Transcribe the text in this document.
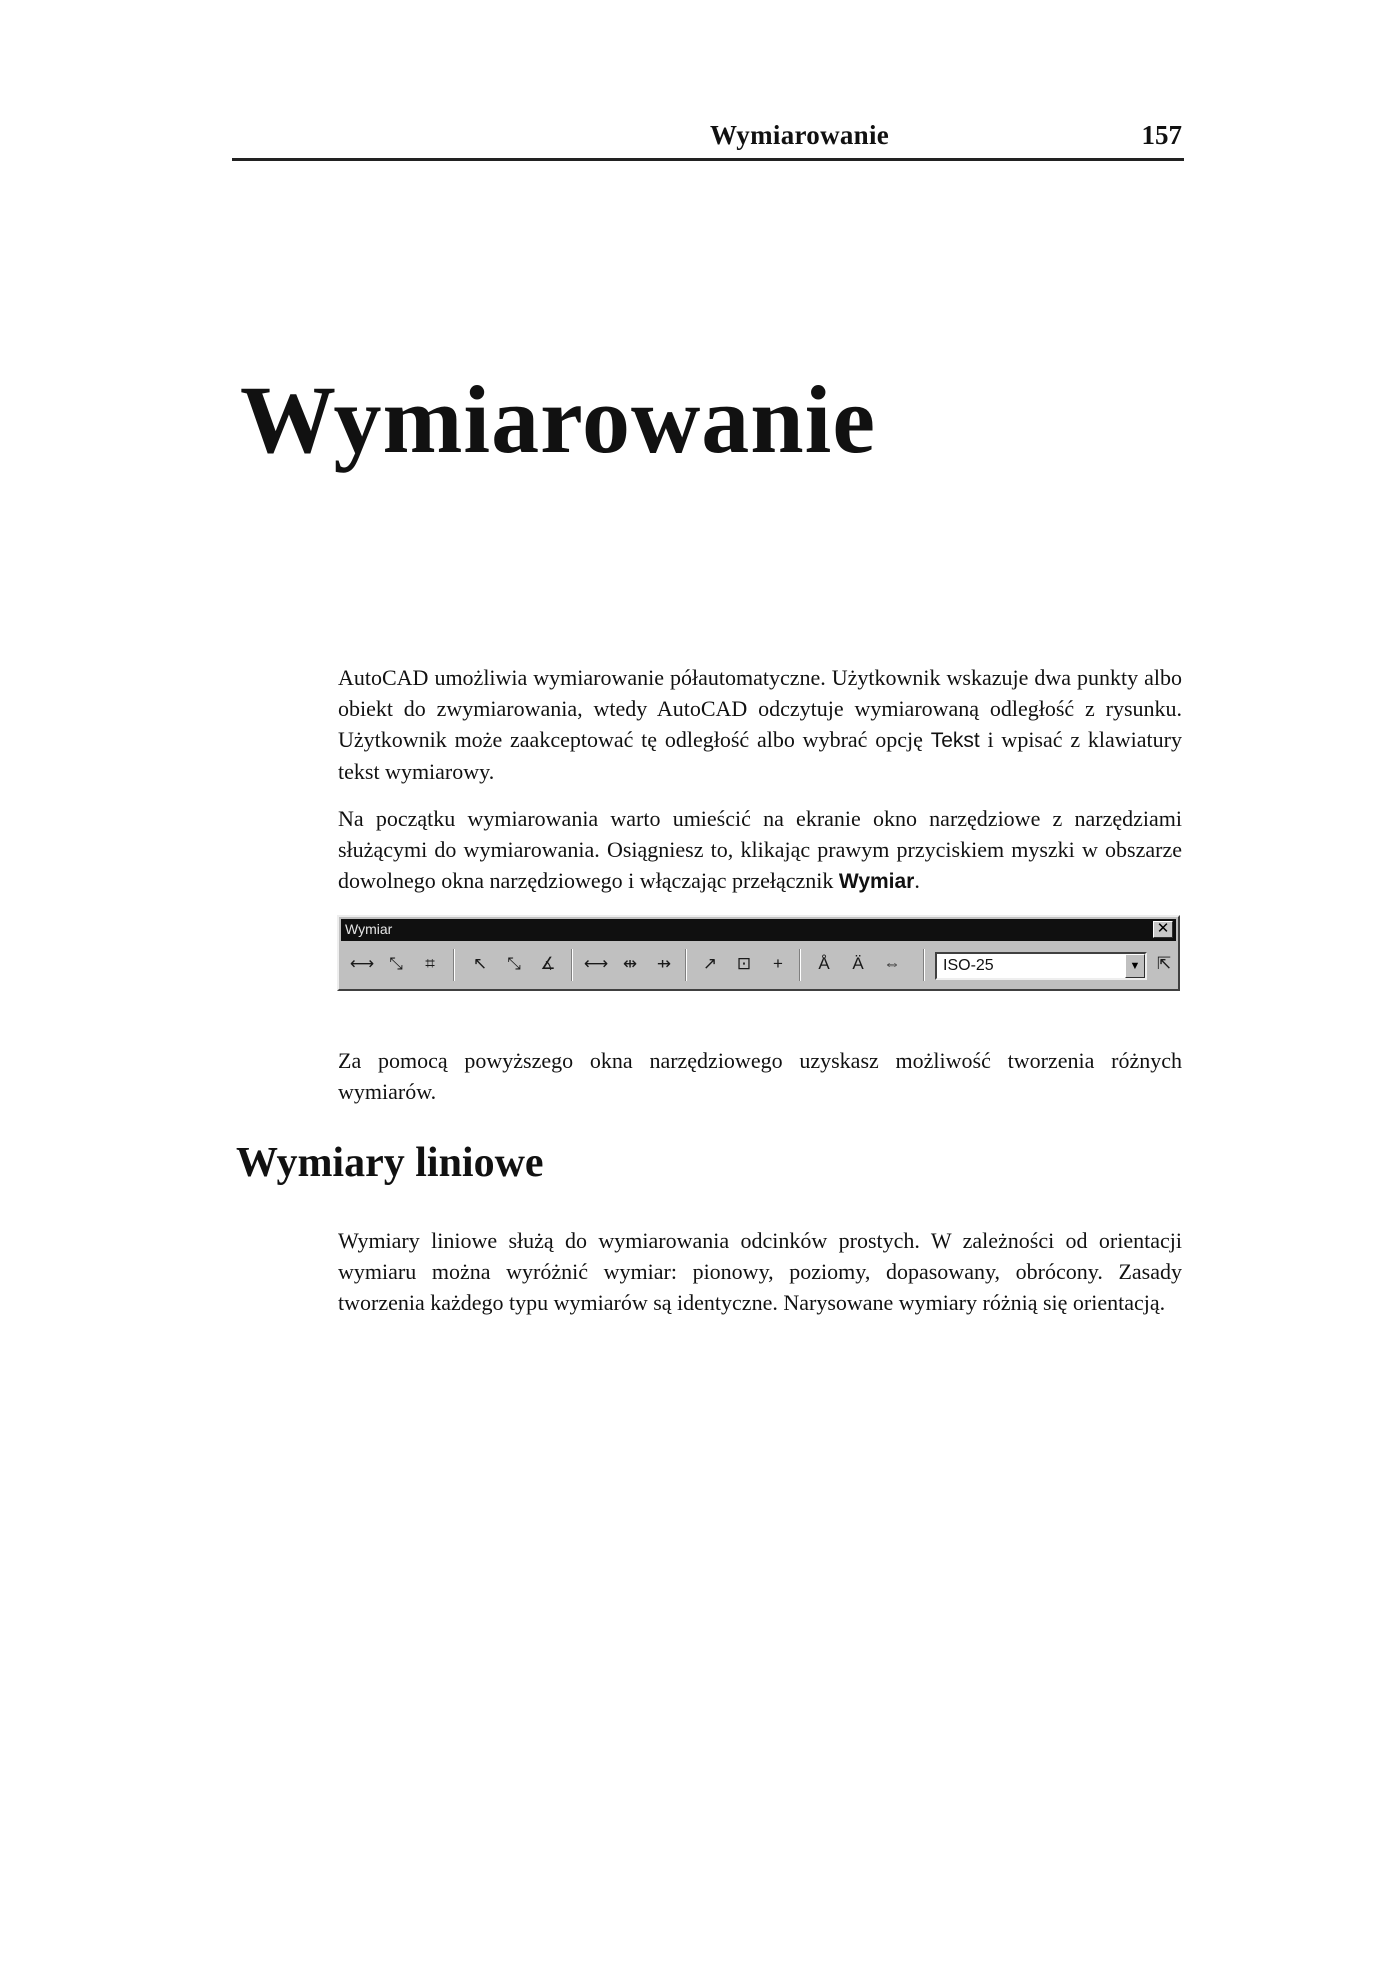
Wymiarowanie	157
Wymiarowanie

AutoCAD umożliwia wymiarowanie półautomatyczne. Użytkownik wskazuje dwa punkty albo obiekt do zwymiarowania, wtedy AutoCAD odczytuje wymiarowaną odległość z rysunku. Użytkownik może zaakceptować tę odległość albo wybrać opcję Tekst i wpisać z klawiatury tekst wymiarowy.

Na początku wymiarowania warto umieścić na ekranie okno narzędziowe z narzędziami służącymi do wymiarowania. Osiągniesz to, klikając prawym przyciskiem myszki w obszarze dowolnego okna narzędziowego i włączając przełącznik Wymiar.

Wymiar	✕
⟷ ⤡	⌗	↖	⤡	∡	⟷ ⇹	⇸	↗	⊡	+	Å	Ä	⇔	ISO-25	▼ ⇱

Za pomocą powyższego okna narzędziowego uzyskasz możliwość tworzenia różnych wymiarów.

Wymiary liniowe

Wymiary liniowe służą do wymiarowania odcinków prostych. W zależności od orientacji wymiaru można wyróżnić wymiar: pionowy, poziomy, dopasowany, obrócony. Zasady tworzenia każdego typu wymiarów są identyczne. Narysowane wymiary różnią się orientacją.
